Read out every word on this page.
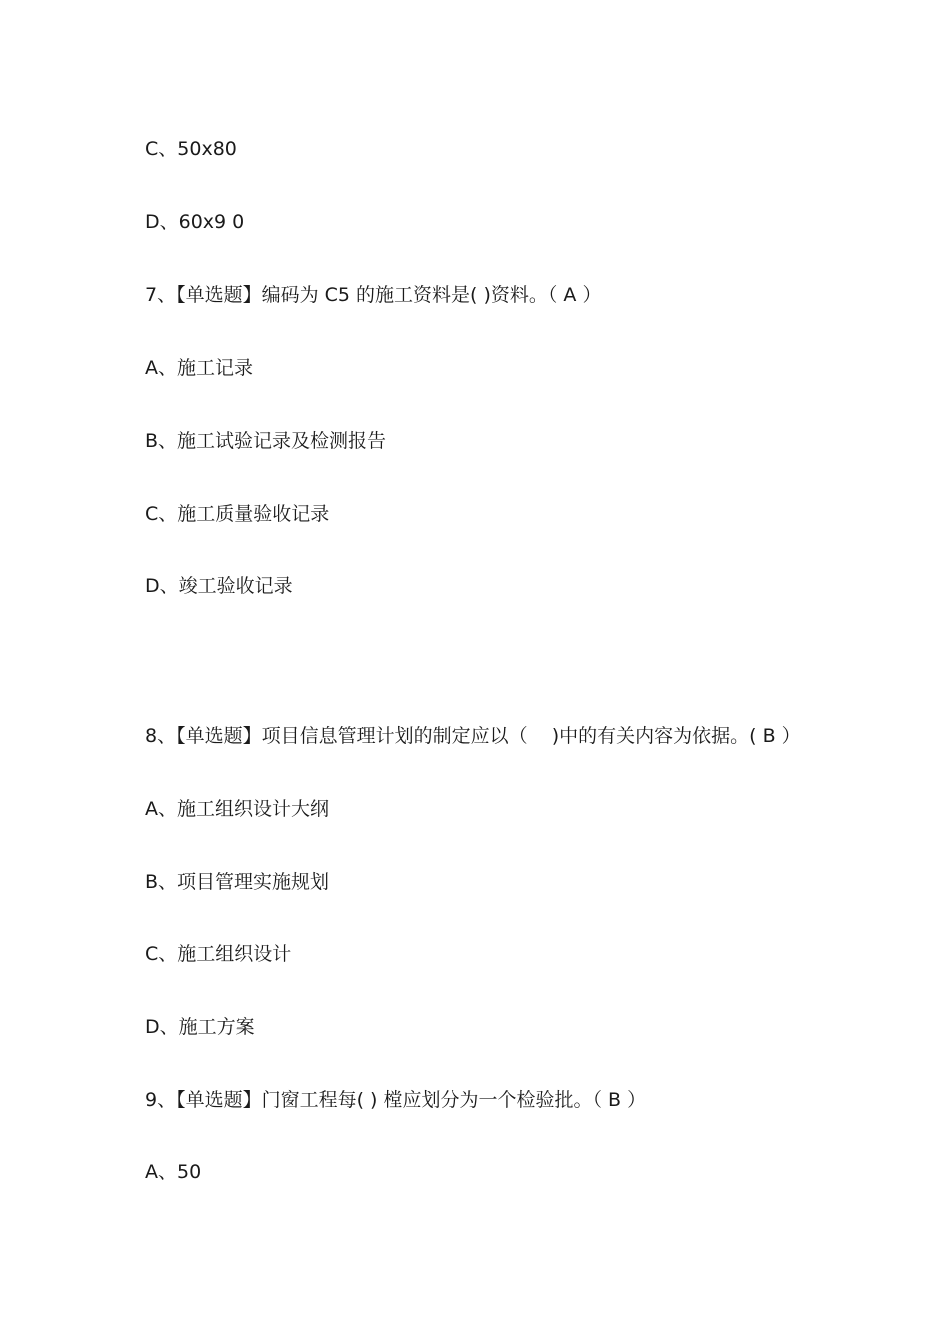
C、50x80
D、60x9 0
7、【单选题】编码为 C5 的施工资料是( )资料。（ A ）
A、施工记录
B、施工试验记录及检测报告
C、施工质量验收记录
D、竣工验收记录
8、【单选题】项目信息管理计划的制定应以（    )中的有关内容为依据。( B ）
A、施工组织设计大纲
B、项目管理实施规划
C、施工组织设计
D、施工方案
9、【单选题】门窗工程每( ) 樘应划分为一个检验批。（ B ）
A、50
